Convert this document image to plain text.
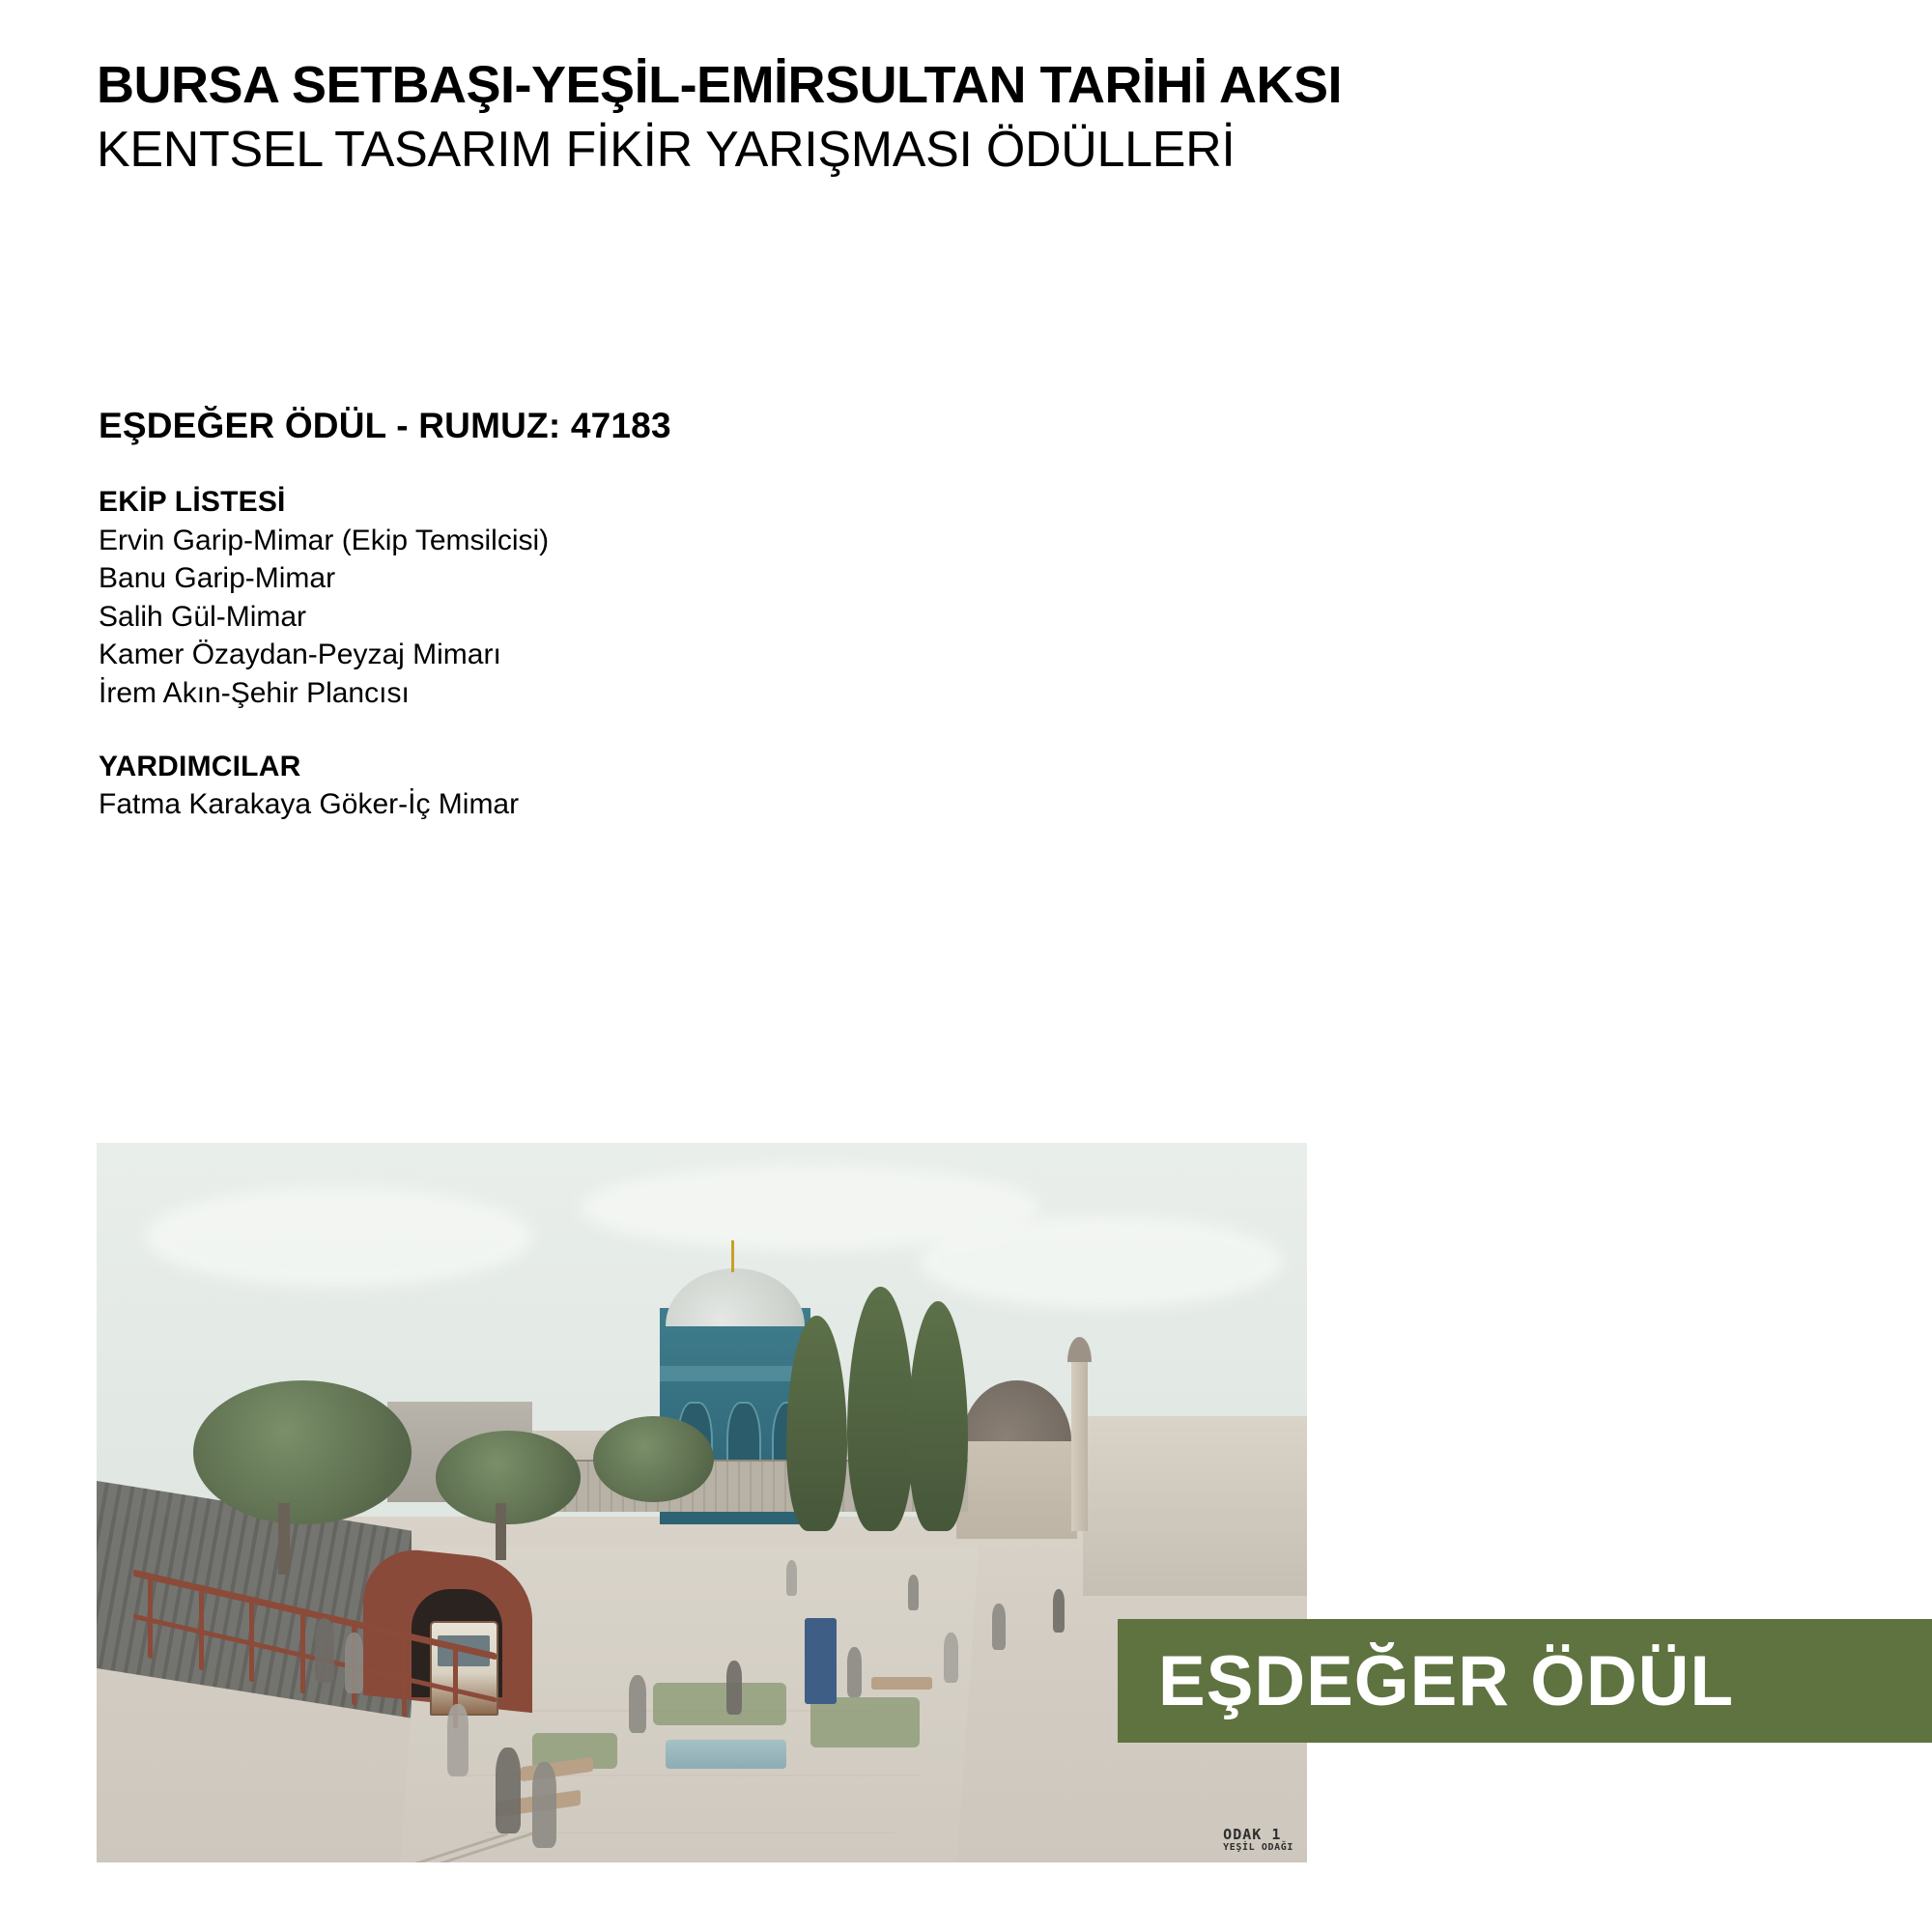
BURSA SETBAŞI-YEŞİL-EMİRSULTAN TARİHİ AKSI
KENTSEL TASARIM FİKİR YARIŞMASI ÖDÜLLERİ
EŞDEĞER ÖDÜL - RUMUZ: 47183
EKİP LİSTESİ
Ervin Garip-Mimar (Ekip Temsilcisi)
Banu Garip-Mimar
Salih Gül-Mimar
Kamer Özaydan-Peyzaj Mimarı
İrem Akın-Şehir Plancısı
YARDIMCILAR
Fatma Karakaya Göker-İç Mimar
ODAK 1
YEŞİL ODAĞI
EŞDEĞER ÖDÜL
